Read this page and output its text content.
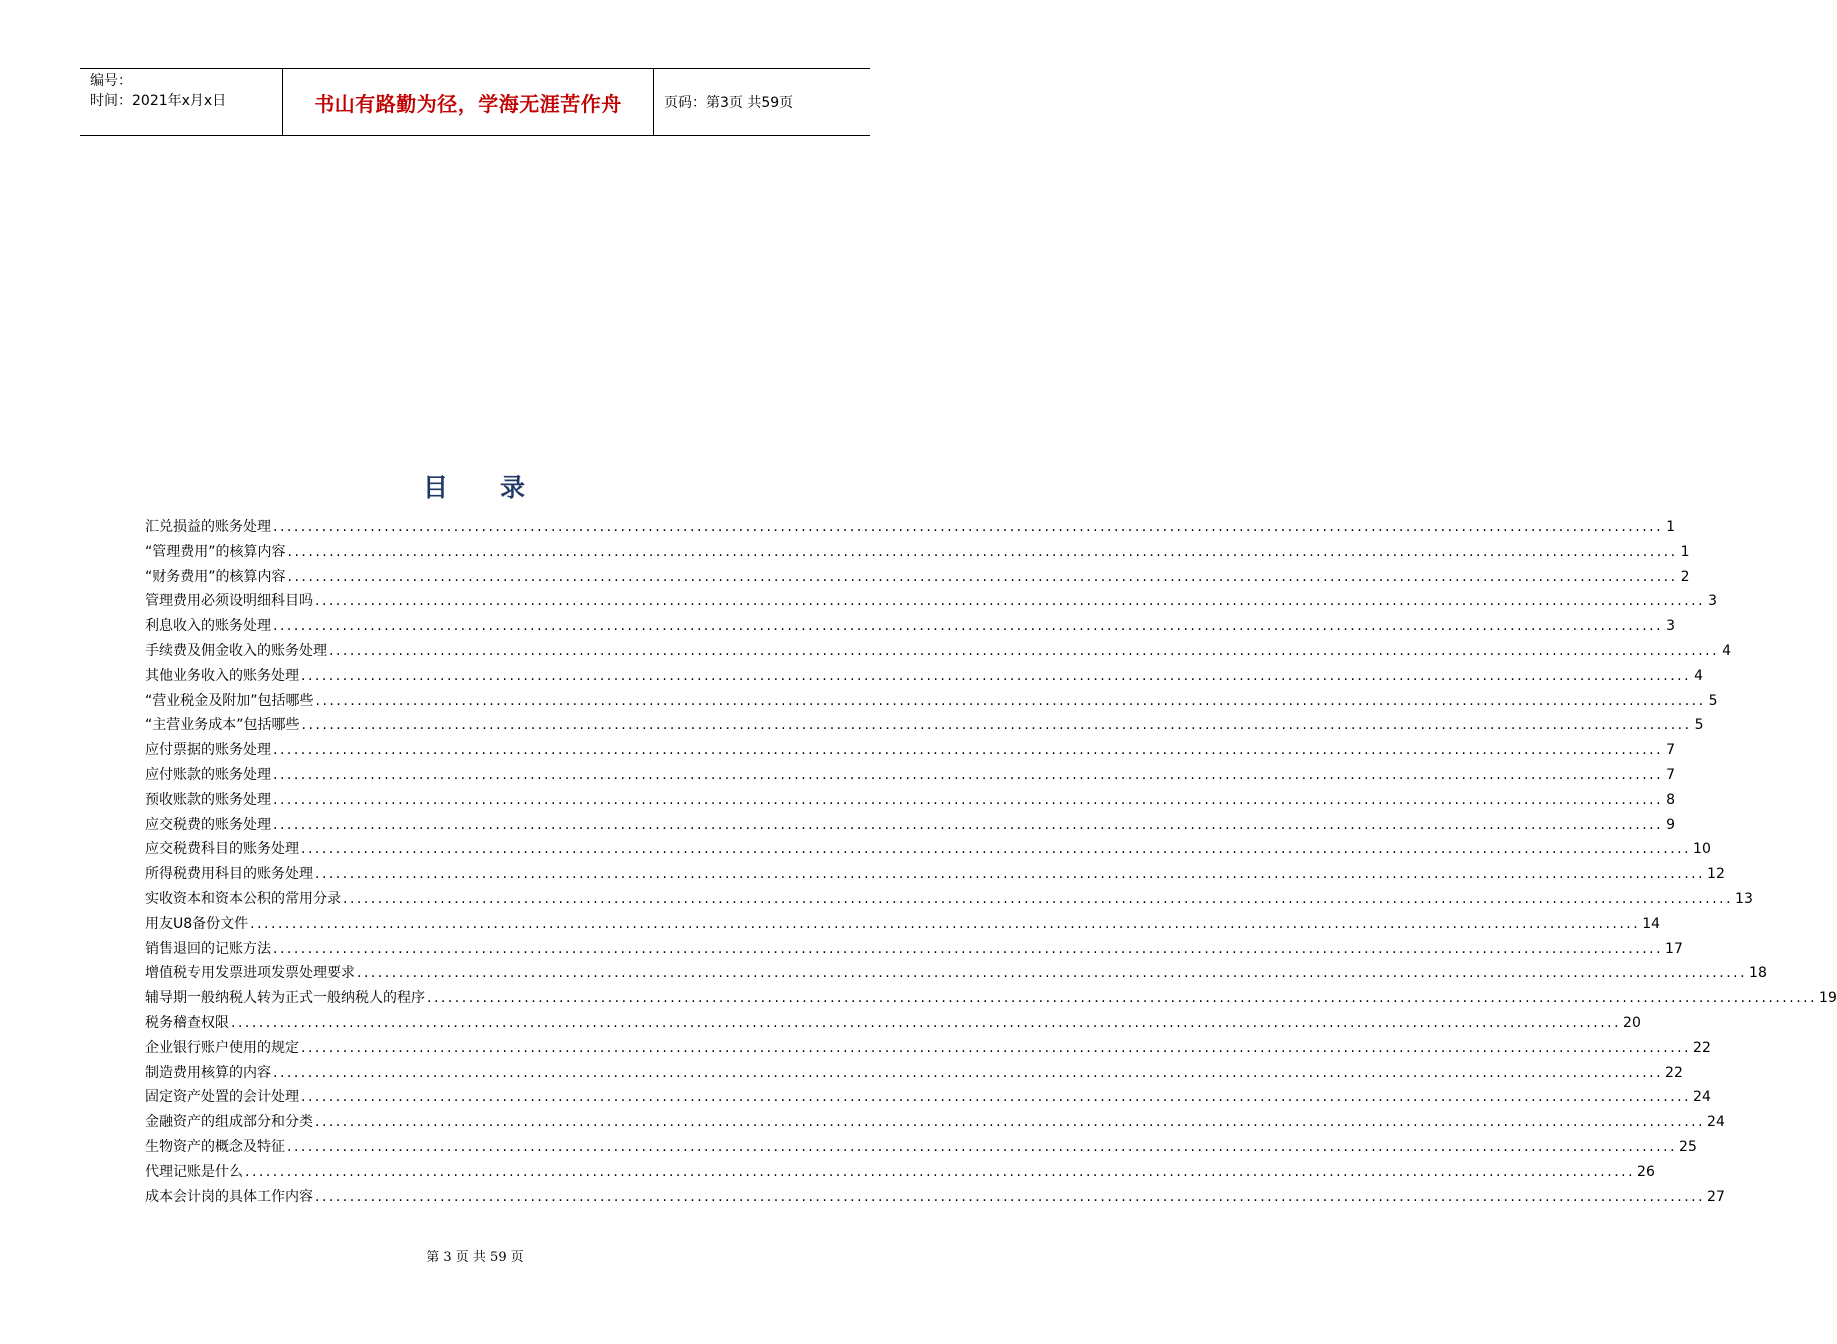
编号：
时间：2021年x月x日	书山有路勤为径，学海无涯苦作舟	页码：第3页 共59页
目 录
汇兑损益的账务处理 ........................................................................................................................................................................................................ 1
“管理费用”的核算内容 ........................................................................................................................................................................................................ 1
“财务费用”的核算内容 ........................................................................................................................................................................................................ 2
管理费用必须设明细科目吗 ........................................................................................................................................................................................................ 3
利息收入的账务处理 ........................................................................................................................................................................................................ 3
手续费及佣金收入的账务处理 ........................................................................................................................................................................................................ 4
其他业务收入的账务处理 ........................................................................................................................................................................................................ 4
“营业税金及附加”包括哪些 ........................................................................................................................................................................................................ 5
“主营业务成本”包括哪些 ........................................................................................................................................................................................................ 5
应付票据的账务处理 ........................................................................................................................................................................................................ 7
应付账款的账务处理 ........................................................................................................................................................................................................ 7
预收账款的账务处理 ........................................................................................................................................................................................................ 8
应交税费的账务处理 ........................................................................................................................................................................................................ 9
应交税费科目的账务处理 ........................................................................................................................................................................................................ 10
所得税费用科目的账务处理 ........................................................................................................................................................................................................ 12
实收资本和资本公积的常用分录 ........................................................................................................................................................................................................ 13
用友U8备份文件 ........................................................................................................................................................................................................ 14
销售退回的记账方法 ........................................................................................................................................................................................................ 17
增值税专用发票进项发票处理要求 ........................................................................................................................................................................................................ 18
辅导期一般纳税人转为正式一般纳税人的程序 ........................................................................................................................................................................................................ 19
税务稽查权限 ........................................................................................................................................................................................................ 20
企业银行账户使用的规定 ........................................................................................................................................................................................................ 22
制造费用核算的内容 ........................................................................................................................................................................................................ 22
固定资产处置的会计处理 ........................................................................................................................................................................................................ 24
金融资产的组成部分和分类 ........................................................................................................................................................................................................ 24
生物资产的概念及特征 ........................................................................................................................................................................................................ 25
代理记账是什么 ........................................................................................................................................................................................................ 26
成本会计岗的具体工作内容 ........................................................................................................................................................................................................ 27
第 3 页 共 59 页
